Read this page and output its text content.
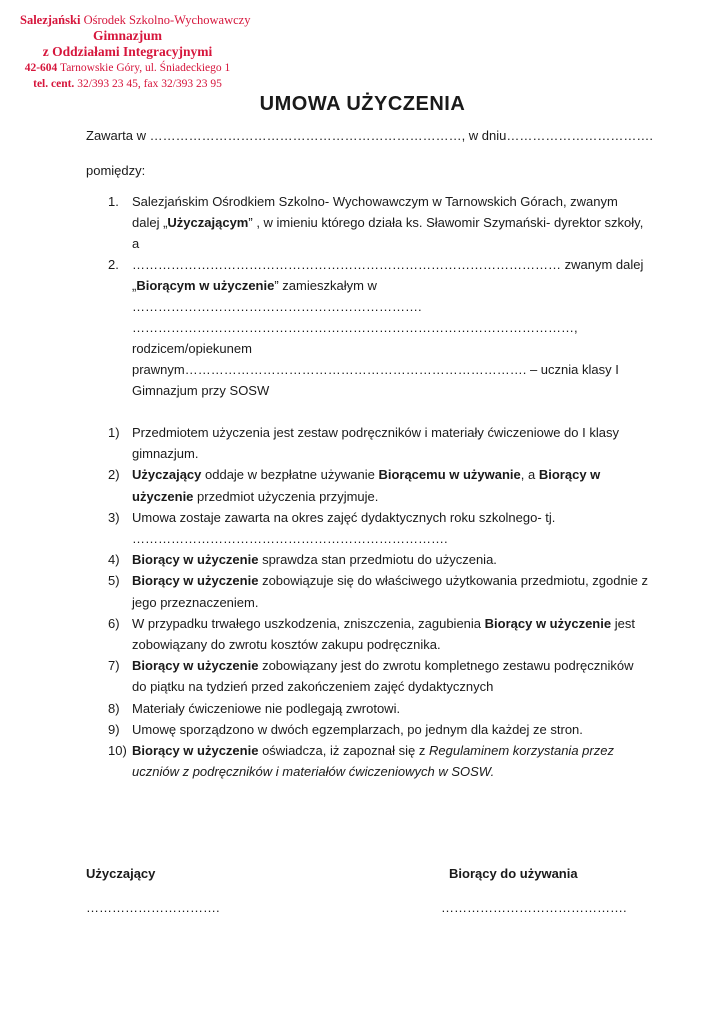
Salezjański Ośrodek Szkolno-Wychowawczy
Gimnazjum
z Oddziałami Integracyjnymi
42-604 Tarnowskie Góry, ul. Śniadeckiego 1
tel. cent. 32/393 23 45, fax 32/393 23 95
UMOWA UŻYCZENIA
Zawarta w ………………………………………………………………, w dniu…………………………….
pomiędzy:
1.	Salezjańskim Ośrodkiem Szkolno- Wychowawczym w Tarnowskich Górach, zwanym dalej „Użyczającym” , w imieniu którego działa ks. Sławomir Szymański- dyrektor szkoły,
a
2.	……………………………………………………………………………………… zwanym dalej „Biorącym w użyczenie” zamieszkałym w …………………………………………………………. …………………………………………………………………………………………, rodzicem/opiekunem prawnym……………………………………………………………………. – ucznia klasy I Gimnazjum przy SOSW
1) Przedmiotem użyczenia jest zestaw podręczników i materiały ćwiczeniowe do I klasy gimnazjum.
2) Użyczający oddaje w bezpłatne używanie Biorącemu w używanie, a Biorący w użyczenie przedmiot użyczenia przyjmuje.
3) Umowa zostaje zawarta na okres zajęć dydaktycznych roku szkolnego- tj. ……………………………………………………………….
4) Biorący w użyczenie sprawdza stan przedmiotu do użyczenia.
5) Biorący w użyczenie zobowiązuje się do właściwego użytkowania przedmiotu, zgodnie z jego przeznaczeniem.
6) W przypadku trwałego uszkodzenia, zniszczenia, zagubienia Biorący w użyczenie jest zobowiązany do zwrotu kosztów zakupu podręcznika.
7) Biorący w użyczenie zobowiązany jest do zwrotu kompletnego zestawu podręczników do piątku na tydzień przed zakończeniem zajęć dydaktycznych
8) Materiały ćwiczeniowe nie podlegają zwrotowi.
9) Umowę sporządzono w dwóch egzemplarzach, po jednym dla każdej ze stron.
10) Biorący w użyczenie oświadcza, iż zapoznał się z Regulaminem korzystania przez uczniów z podręczników i materiałów ćwiczeniowych w SOSW.
Użyczający	Biorący do używania
………………………….	…………………………………….
